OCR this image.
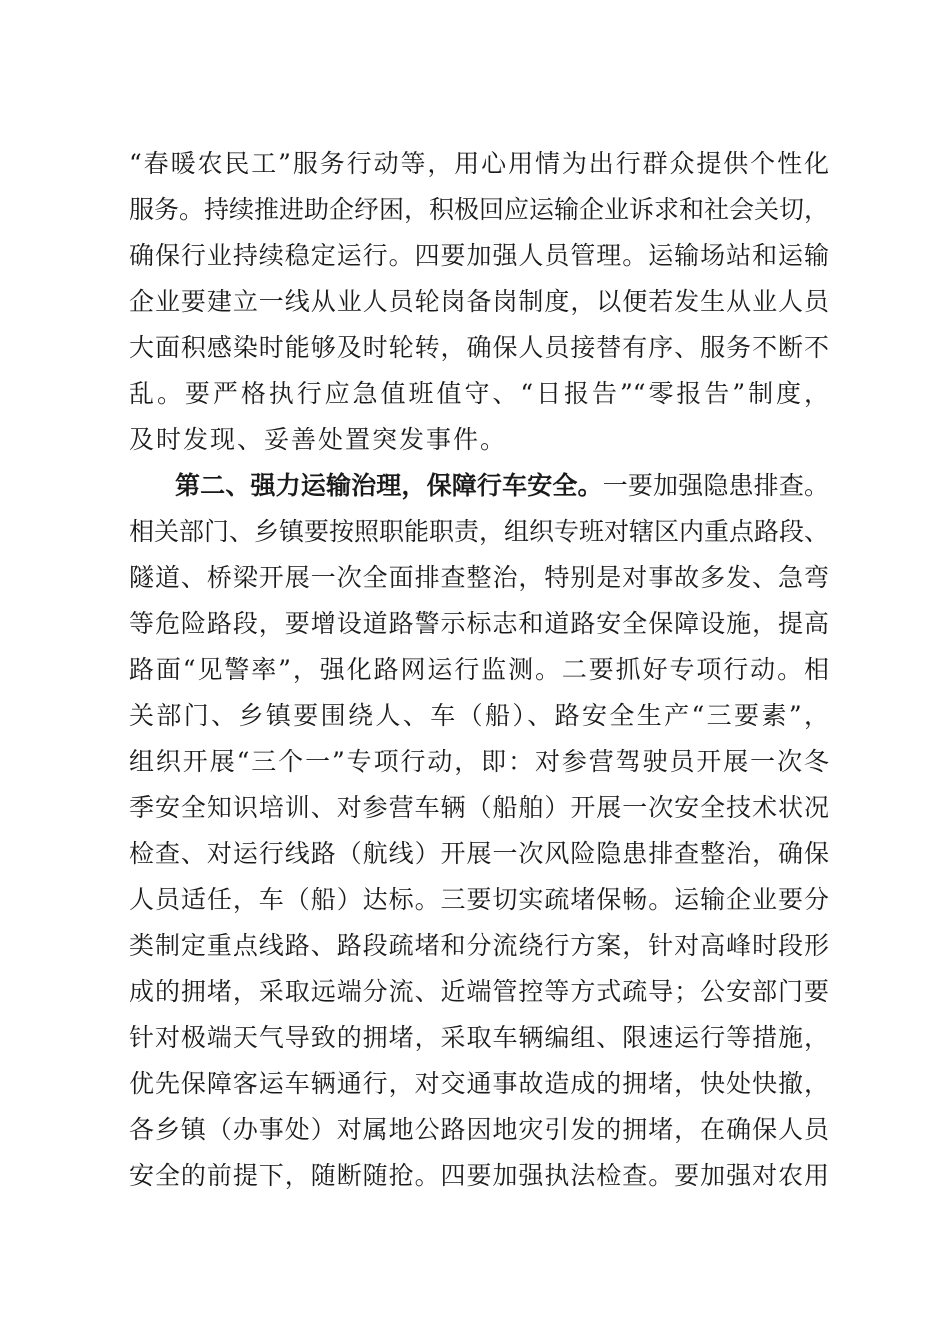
“春暖农民工”服务行动等，用心用情为出行群众提供个性化
服务。持续推进助企纾困，积极回应运输企业诉求和社会关切，
确保行业持续稳定运行。四要加强人员管理。运输场站和运输
企业要建立一线从业人员轮岗备岗制度，以便若发生从业人员
大面积感染时能够及时轮转，确保人员接替有序、服务不断不
乱。要严格执行应急值班值守、“日报告”“零报告”制度，
及时发现、妥善处置突发事件。
第二、强力运输治理，保障行车安全。一要加强隐患排查。
相关部门、乡镇要按照职能职责，组织专班对辖区内重点路段、
隧道、桥梁开展一次全面排查整治，特别是对事故多发、急弯
等危险路段，要增设道路警示标志和道路安全保障设施，提高
路面“见警率”，强化路网运行监测。二要抓好专项行动。相
关部门、乡镇要围绕人、车（船）、路安全生产“三要素”，
组织开展“三个一”专项行动，即：对参营驾驶员开展一次冬
季安全知识培训、对参营车辆（船舶）开展一次安全技术状况
检查、对运行线路（航线）开展一次风险隐患排查整治，确保
人员适任，车（船）达标。三要切实疏堵保畅。运输企业要分
类制定重点线路、路段疏堵和分流绕行方案，针对高峰时段形
成的拥堵，采取远端分流、近端管控等方式疏导；公安部门要
针对极端天气导致的拥堵，采取车辆编组、限速运行等措施，
优先保障客运车辆通行，对交通事故造成的拥堵，快处快撤，
各乡镇（办事处）对属地公路因地灾引发的拥堵，在确保人员
安全的前提下，随断随抢。四要加强执法检查。要加强对农用
